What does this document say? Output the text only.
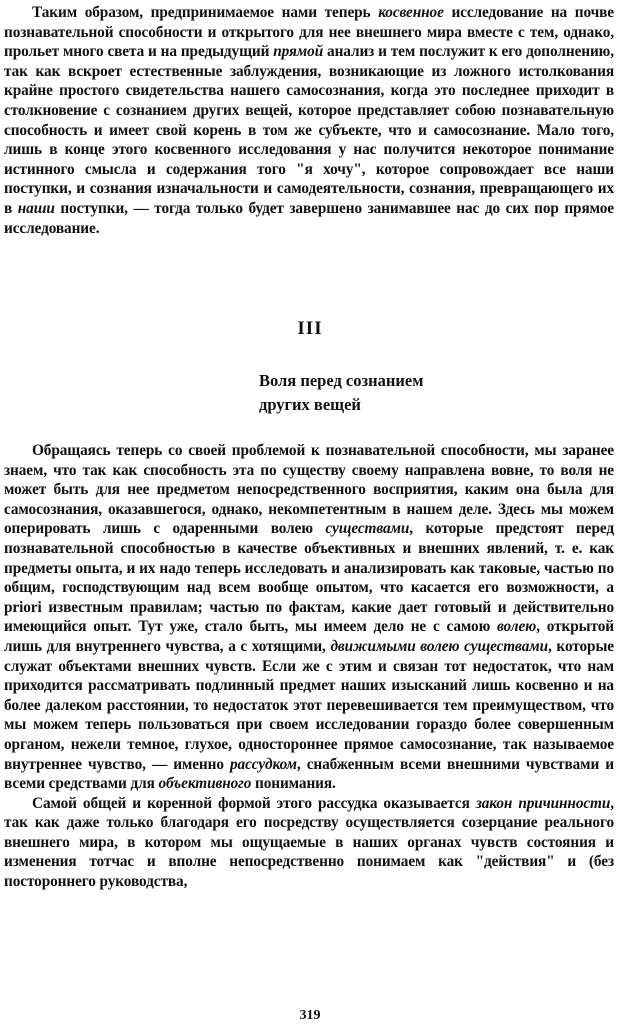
Таким образом, предпринимаемое нами теперь косвенное исследование на почве познавательной способности и открытого для нее внешнего мира вместе с тем, однако, прольет много света и на предыдущий прямой анализ и тем послужит к его дополнению, так как вскроет естественные заблуждения, возникающие из ложного истолкования крайне простого свидетельства нашего самосознания, когда это последнее приходит в столкновение с сознанием других вещей, которое представляет собою познавательную способность и имеет свой корень в том же субъекте, что и самосознание. Мало того, лишь в конце этого косвенного исследования у нас получится некоторое понимание истинного смысла и содержания того "я хочу", которое сопровождает все наши поступки, и сознания изначальности и самодеятельности, сознания, превращающего их в наши поступки, — тогда только будет завершено занимавшее нас до сих пор прямое исследование.

III
Воля перед сознанием
других вещей

Обращаясь теперь со своей проблемой к познавательной способности, мы заранее знаем, что так как способность эта по существу своему направлена вовне, то воля не может быть для нее предметом непосредственного восприятия, каким она была для самосознания, оказавшегося, однако, некомпетентным в нашем деле. Здесь мы можем оперировать лишь с одаренными волею существами, которые предстоят перед познавательной способностью в качестве объективных и внешних явлений, т. е. как предметы опыта, и их надо теперь исследовать и анализировать как таковые, частью по общим, господствующим над всем вообще опытом, что касается его возможности, а priori известным правилам; частью по фактам, какие дает готовый и действительно имеющийся опыт. Тут уже, стало быть, мы имеем дело не с самою волею, открытой лишь для внутреннего чувства, а с хотящими, движимыми волею существами, которые служат объектами внешних чувств. Если же с этим и связан тот недостаток, что нам приходится рассматривать подлинный предмет наших изысканий лишь косвенно и на более далеком расстоянии, то недостаток этот перевешивается тем преимуществом, что мы можем теперь пользоваться при своем исследовании гораздо более совершенным органом, нежели темное, глухое, одностороннее прямое самосознание, так называемое внутреннее чувство, — именно рассудком, снабженным всеми внешними чувствами и всеми средствами для объективного понимания.

Самой общей и коренной формой этого рассудка оказывается закон причинности, так как даже только благодаря его посредству осуществляется созерцание реального внешнего мира, в котором мы ощущаемые в наших органах чувств состояния и изменения тотчас и вполне непосредственно понимаем как "действия" и (без постороннего руководства,

319
